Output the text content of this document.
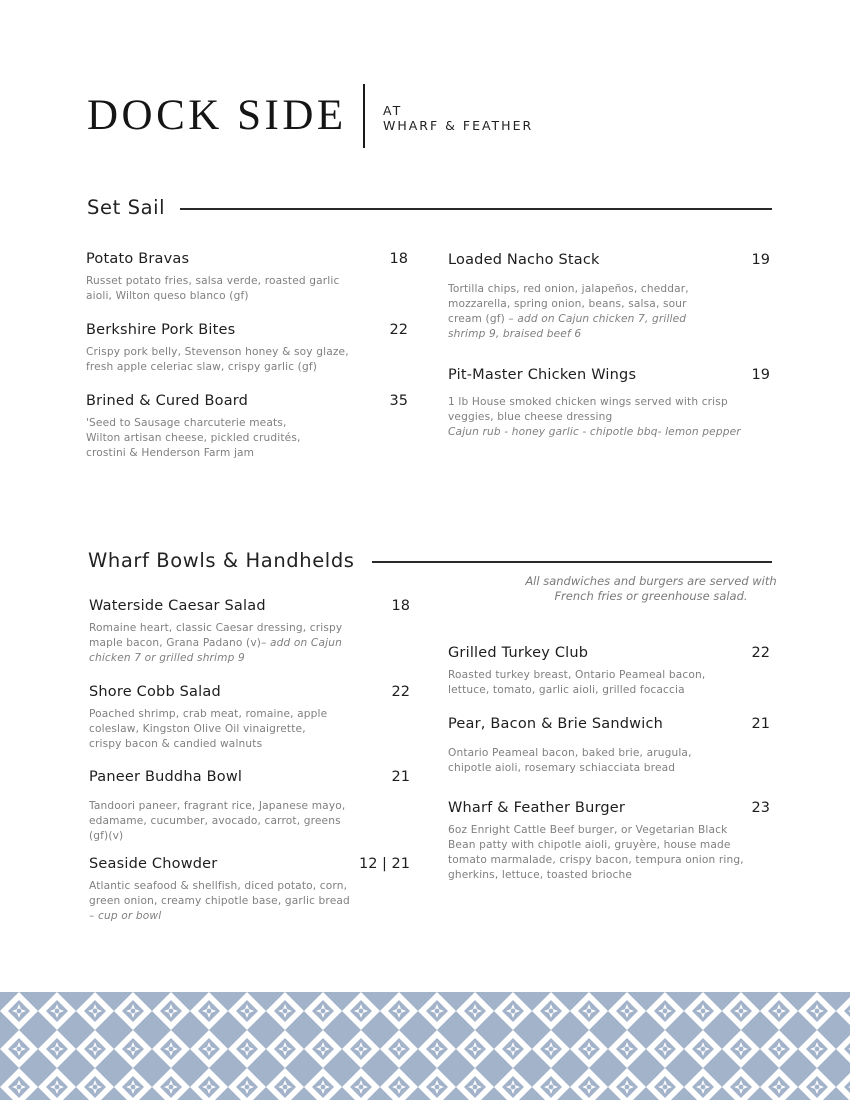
DOCK SIDE	AT
WHARF & FEATHER
Set Sail
Potato Bravas	18
Russet potato fries, salsa verde, roasted garlic aioli, Wilton queso blanco (gf)
Berkshire Pork Bites	22
Crispy pork belly, Stevenson honey & soy glaze, fresh apple celeriac slaw, crispy garlic (gf)
Brined & Cured Board	35
'Seed to Sausage charcuterie meats, Wilton artisan cheese, pickled crudités, crostini & Henderson Farm jam
Loaded Nacho Stack	19
Tortilla chips, red onion, jalapeños, cheddar, mozzarella, spring onion, beans, salsa, sour cream (gf) – add on Cajun chicken 7, grilled shrimp 9, braised beef 6
Pit-Master Chicken Wings	19
1 lb House smoked chicken wings served with crisp veggies, blue cheese dressing
Cajun rub - honey garlic - chipotle bbq- lemon pepper
Wharf Bowls & Handhelds
All sandwiches and burgers are served with French fries or greenhouse salad.
Waterside Caesar Salad	18
Romaine heart, classic Caesar dressing, crispy maple bacon, Grana Padano (v)– add on Cajun chicken 7 or grilled shrimp 9
Shore Cobb Salad	22
Poached shrimp, crab meat, romaine, apple coleslaw, Kingston Olive Oil vinaigrette, crispy bacon & candied walnuts
Paneer Buddha Bowl	21
Tandoori paneer, fragrant rice, Japanese mayo, edamame, cucumber, avocado, carrot, greens (gf)(v)
Seaside Chowder	12 | 21
Atlantic seafood & shellfish, diced potato, corn, green onion, creamy chipotle base, garlic bread – cup or bowl
Grilled Turkey Club	22
Roasted turkey breast, Ontario Peameal bacon, lettuce, tomato, garlic aioli, grilled focaccia
Pear, Bacon & Brie Sandwich	21
Ontario Peameal bacon, baked brie, arugula, chipotle aioli, rosemary schiacciata bread
Wharf & Feather Burger	23
6oz Enright Cattle Beef burger, or Vegetarian Black Bean patty with chipotle aioli, gruyère, house made tomato marmalade, crispy bacon, tempura onion ring, gherkins, lettuce, toasted brioche
